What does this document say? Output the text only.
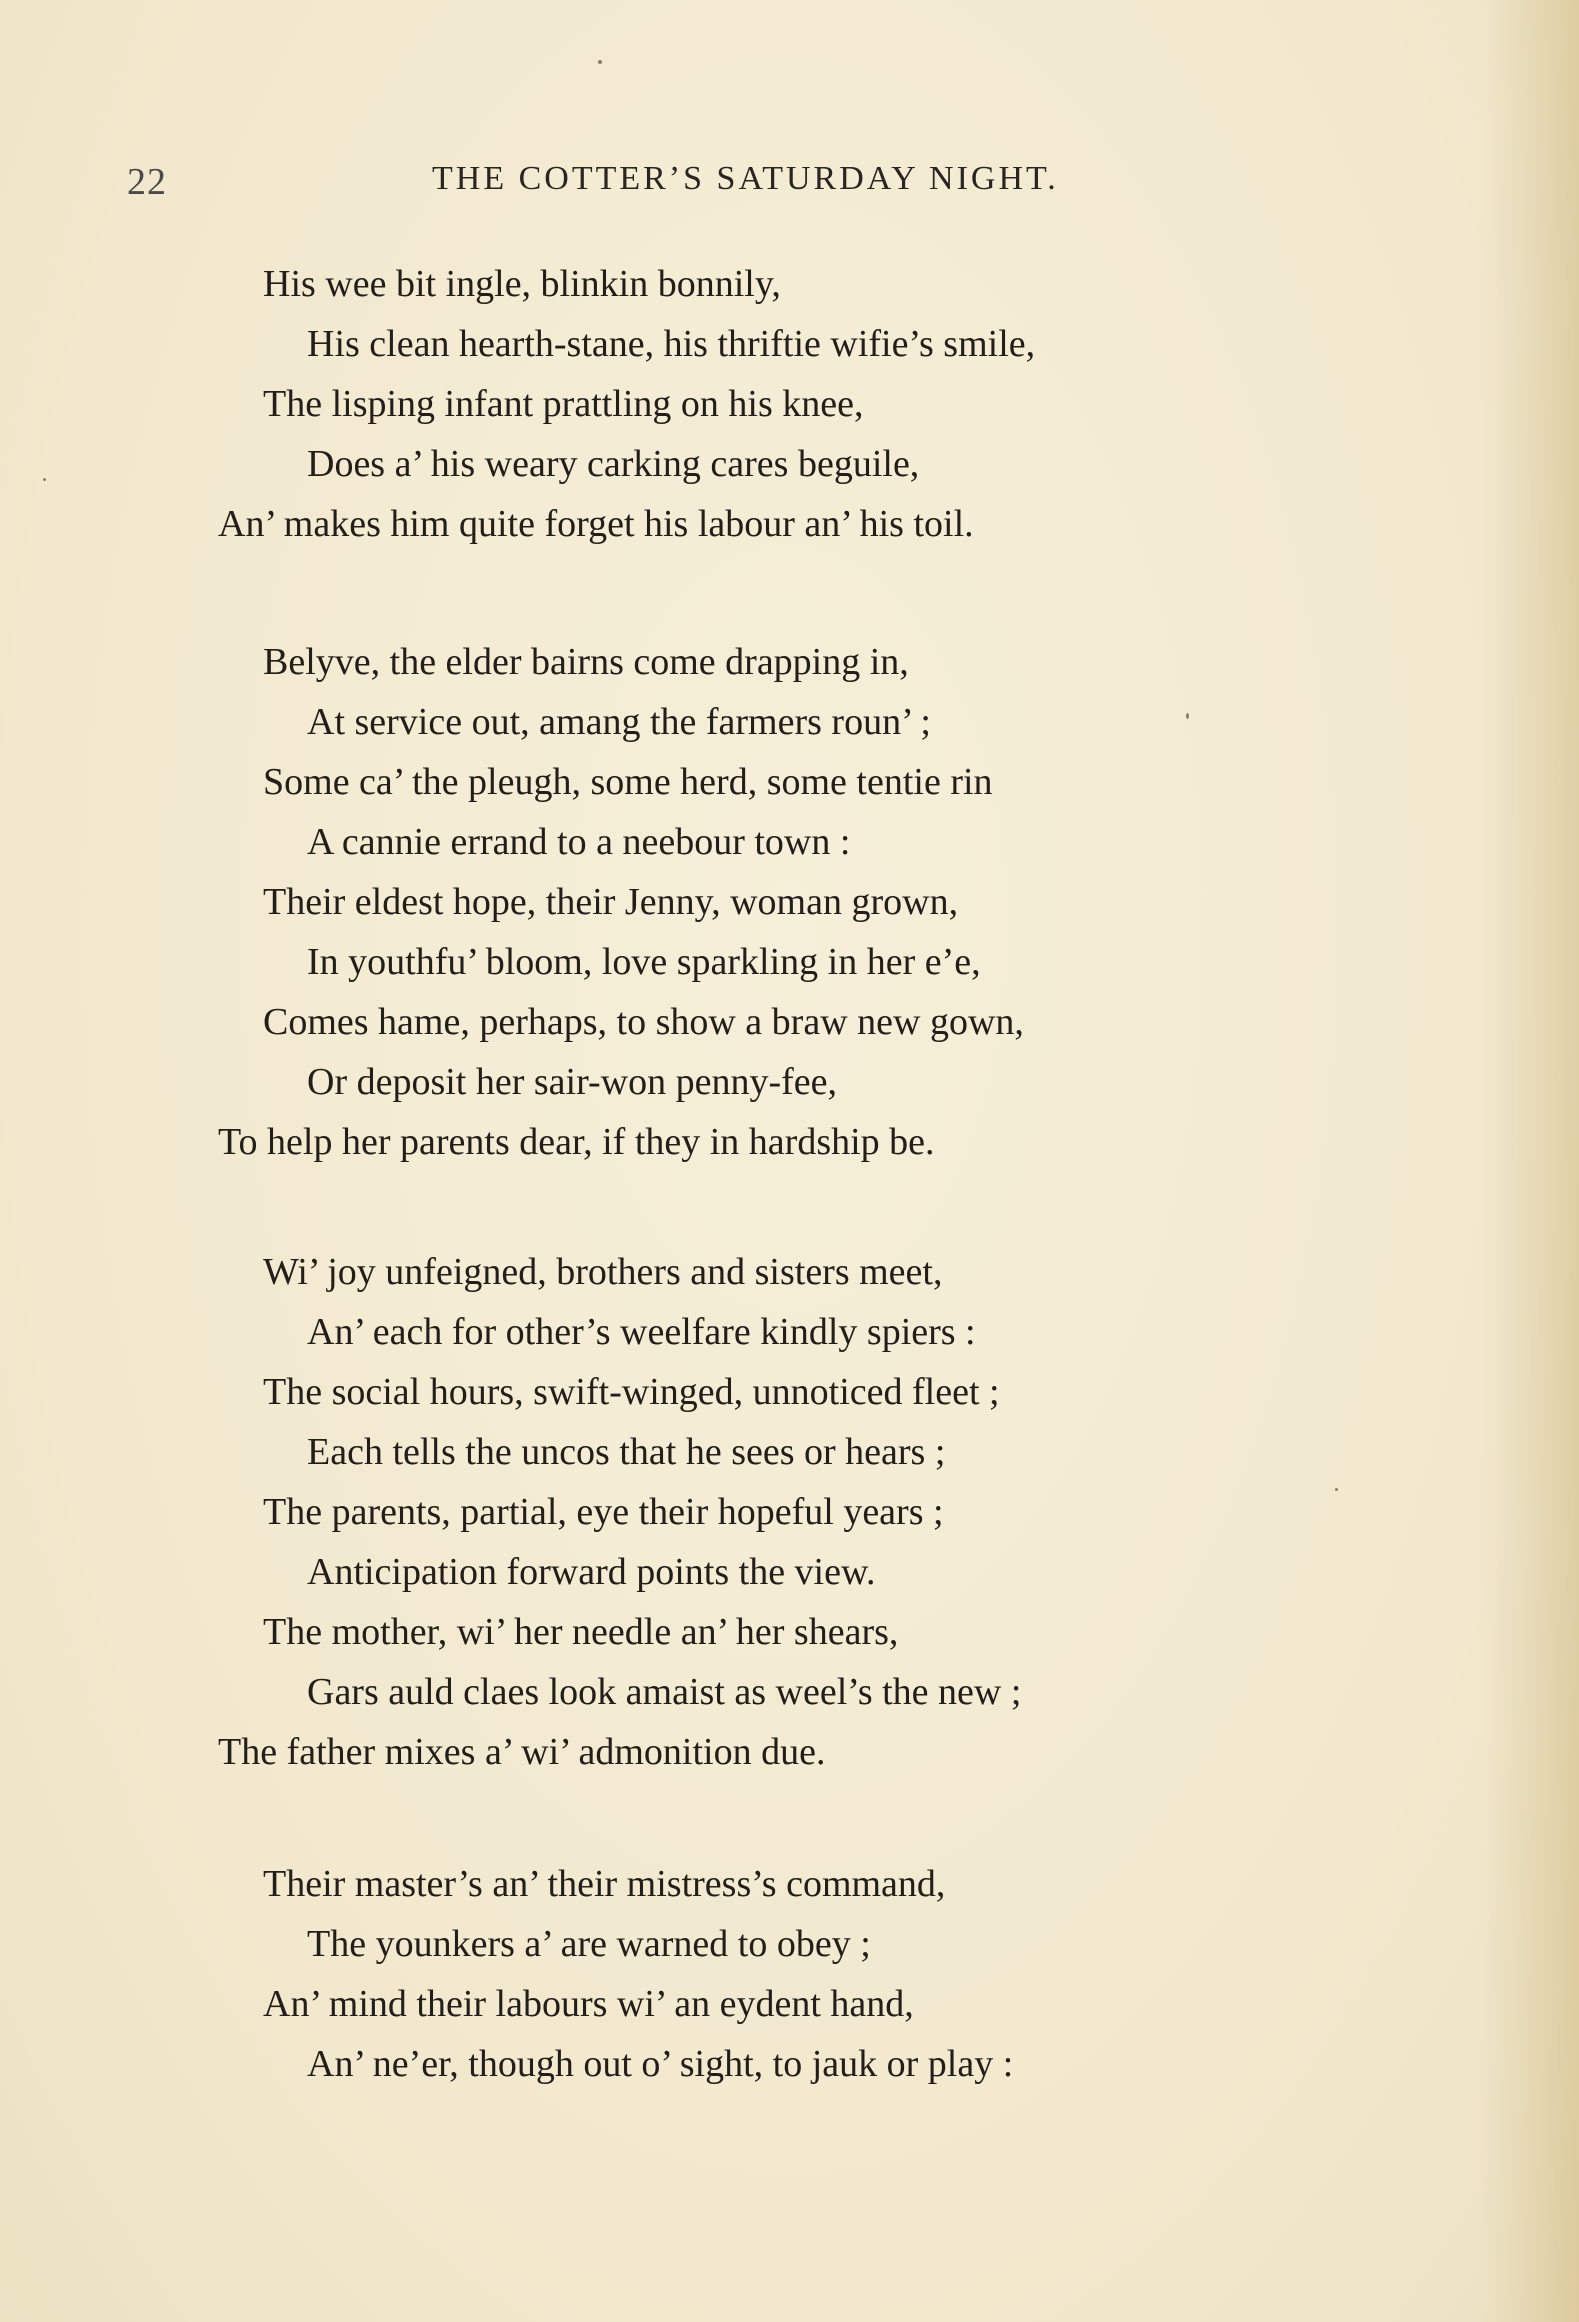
22	THE COTTER’S SATURDAY NIGHT.
His wee bit ingle, blinkin bonnily,
His clean hearth-stane, his thriftie wifie’s smile,
The lisping infant prattling on his knee,
Does a’ his weary carking cares beguile,
An’ makes him quite forget his labour an’ his toil.
Belyve, the elder bairns come drapping in,
At service out, amang the farmers roun’ ;
Some ca’ the pleugh, some herd, some tentie rin
A cannie errand to a neebour town :
Their eldest hope, their Jenny, woman grown,
In youthfu’ bloom, love sparkling in her e’e,
Comes hame, perhaps, to show a braw new gown,
Or deposit her sair-won penny-fee,
To help her parents dear, if they in hardship be.
Wi’ joy unfeigned, brothers and sisters meet,
An’ each for other’s weelfare kindly spiers :
The social hours, swift-winged, unnoticed fleet ;
Each tells the uncos that he sees or hears ;
The parents, partial, eye their hopeful years ;
Anticipation forward points the view.
The mother, wi’ her needle an’ her shears,
Gars auld claes look amaist as weel’s the new ;
The father mixes a’ wi’ admonition due.
Their master’s an’ their mistress’s command,
The younkers a’ are warned to obey ;
An’ mind their labours wi’ an eydent hand,
An’ ne’er, though out o’ sight, to jauk or play :
